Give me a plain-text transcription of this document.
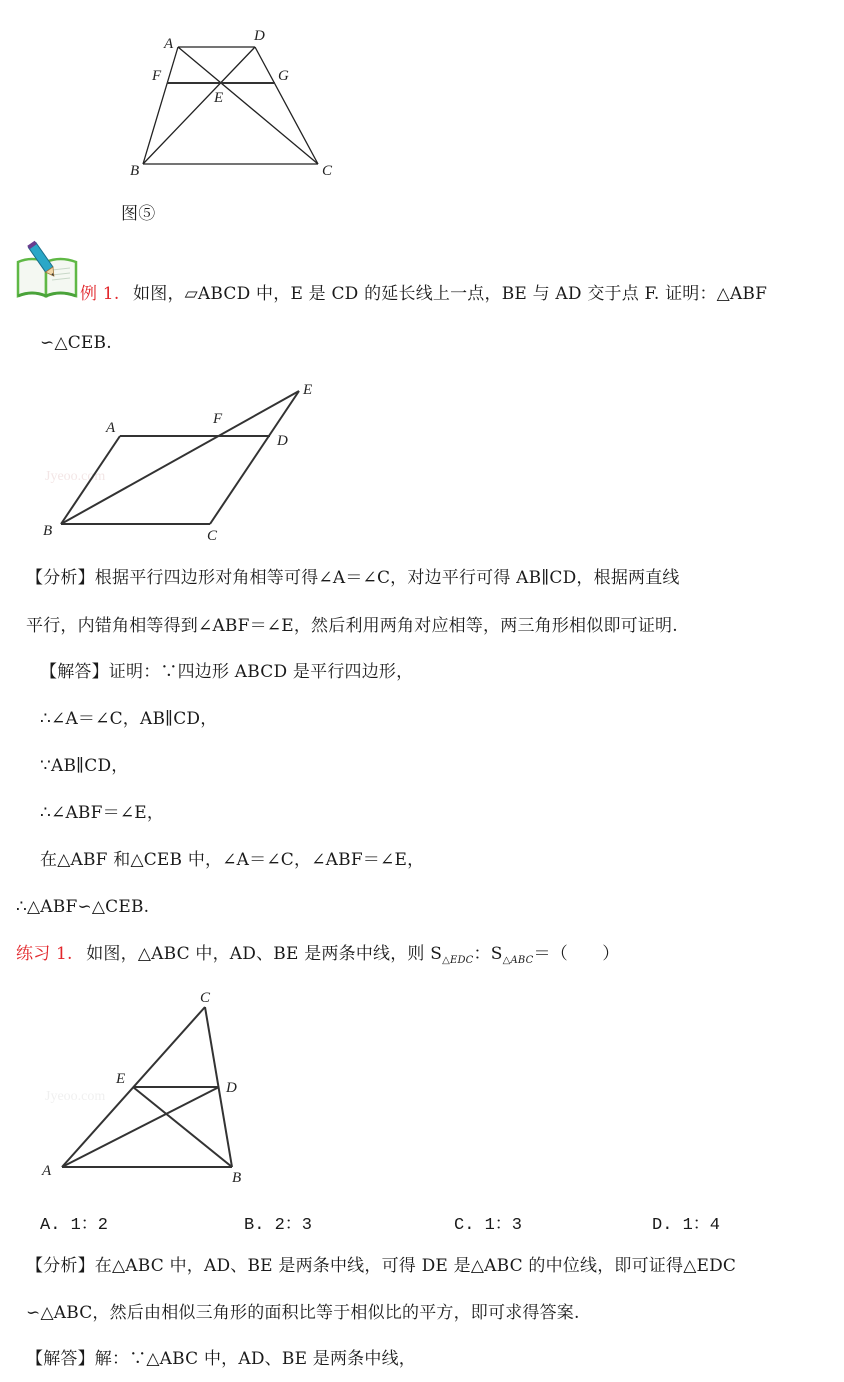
A	D
F	G
E
B	C
图⑤
例 1. 如图，▱ABCD 中，E 是 CD 的延长线上一点，BE 与 AD 交于点 F. 证明：△ABF
∽△CEB.
Jyeoo.com
A
F
D
E
B	C
【分析】根据平行四边形对角相等可得∠A＝∠C，对边平行可得 AB∥CD，根据两直线
平行，内错角相等得到∠ABF＝∠E，然后利用两角对应相等，两三角形相似即可证明.
【解答】证明：∵四边形 ABCD 是平行四边形，
∴∠A＝∠C，AB∥CD，
∵AB∥CD，
∴∠ABF＝∠E，
在△ABF 和△CEB 中，∠A＝∠C，∠ABF＝∠E，
∴△ABF∽△CEB.
练习 1. 如图，△ABC 中，AD、BE 是两条中线，则 $S_{\triangle EDC}$：$S_{\triangle ABC}=$（　　）
Jyeoo.com
C
E
D
A	B
A. 1：2	B. 2：3	C. 1：3	D. 1：4
【分析】在△ABC 中，AD、BE 是两条中线，可得 DE 是△ABC 的中位线，即可证得△EDC
∽△ABC，然后由相似三角形的面积比等于相似比的平方，即可求得答案.
【解答】解：∵△ABC 中，AD、BE 是两条中线，
